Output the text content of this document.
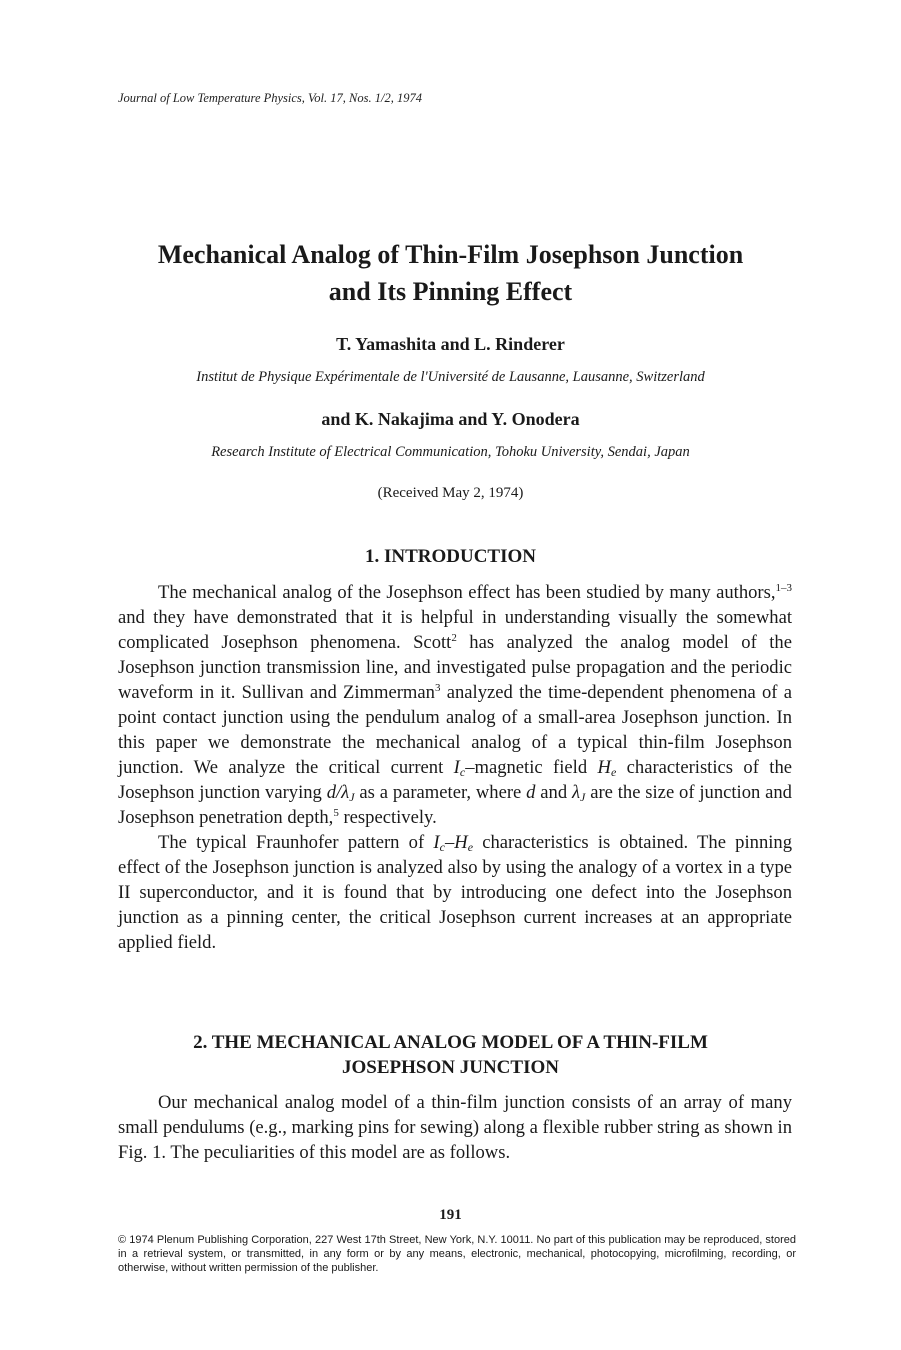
Journal of Low Temperature Physics, Vol. 17, Nos. 1/2, 1974
Mechanical Analog of Thin-Film Josephson Junction
and Its Pinning Effect
T. Yamashita and L. Rinderer
Institut de Physique Expérimentale de l'Université de Lausanne, Lausanne, Switzerland
and K. Nakajima and Y. Onodera
Research Institute of Electrical Communication, Tohoku University, Sendai, Japan
(Received May 2, 1974)
1. INTRODUCTION

The mechanical analog of the Josephson effect has been studied by many authors,$^{1-3}$ and they have demonstrated that it is helpful in understanding visually the somewhat complicated Josephson phenomena. Scott$^2$ has analyzed the analog model of the Josephson junction transmission line, and investigated pulse propagation and the periodic waveform in it. Sullivan and Zimmerman$^3$ analyzed the time-dependent phenomena of a point contact junction using the pendulum analog of a small-area Josephson junction. In this paper we demonstrate the mechanical analog of a typical thin-film Josephson junction. We analyze the critical current $I_c$–magnetic field $H_e$ characteristics of the Josephson junction varying $d/\lambda_J$ as a parameter, where d and $\lambda_J$ are the size of junction and Josephson penetration depth,$^5$ respectively.

The typical Fraunhofer pattern of $I_c-H_e$ characteristics is obtained. The pinning effect of the Josephson junction is analyzed also by using the analogy of a vortex in a type II superconductor, and it is found that by introducing one defect into the Josephson junction as a pinning center, the critical Josephson current increases at an appropriate applied field.

2. THE MECHANICAL ANALOG MODEL OF A THIN-FILM
JOSEPHSON JUNCTION

Our mechanical analog model of a thin-film junction consists of an array of many small pendulums (e.g., marking pins for sewing) along a flexible rubber string as shown in Fig. 1. The peculiarities of this model are as follows.

191
© 1974 Plenum Publishing Corporation, 227 West 17th Street, New York, N.Y. 10011. No part of this publication may be reproduced, stored in a retrieval system, or transmitted, in any form or by any means, electronic, mechanical, photocopying, microfilming, recording, or otherwise, without written permission of the publisher.
